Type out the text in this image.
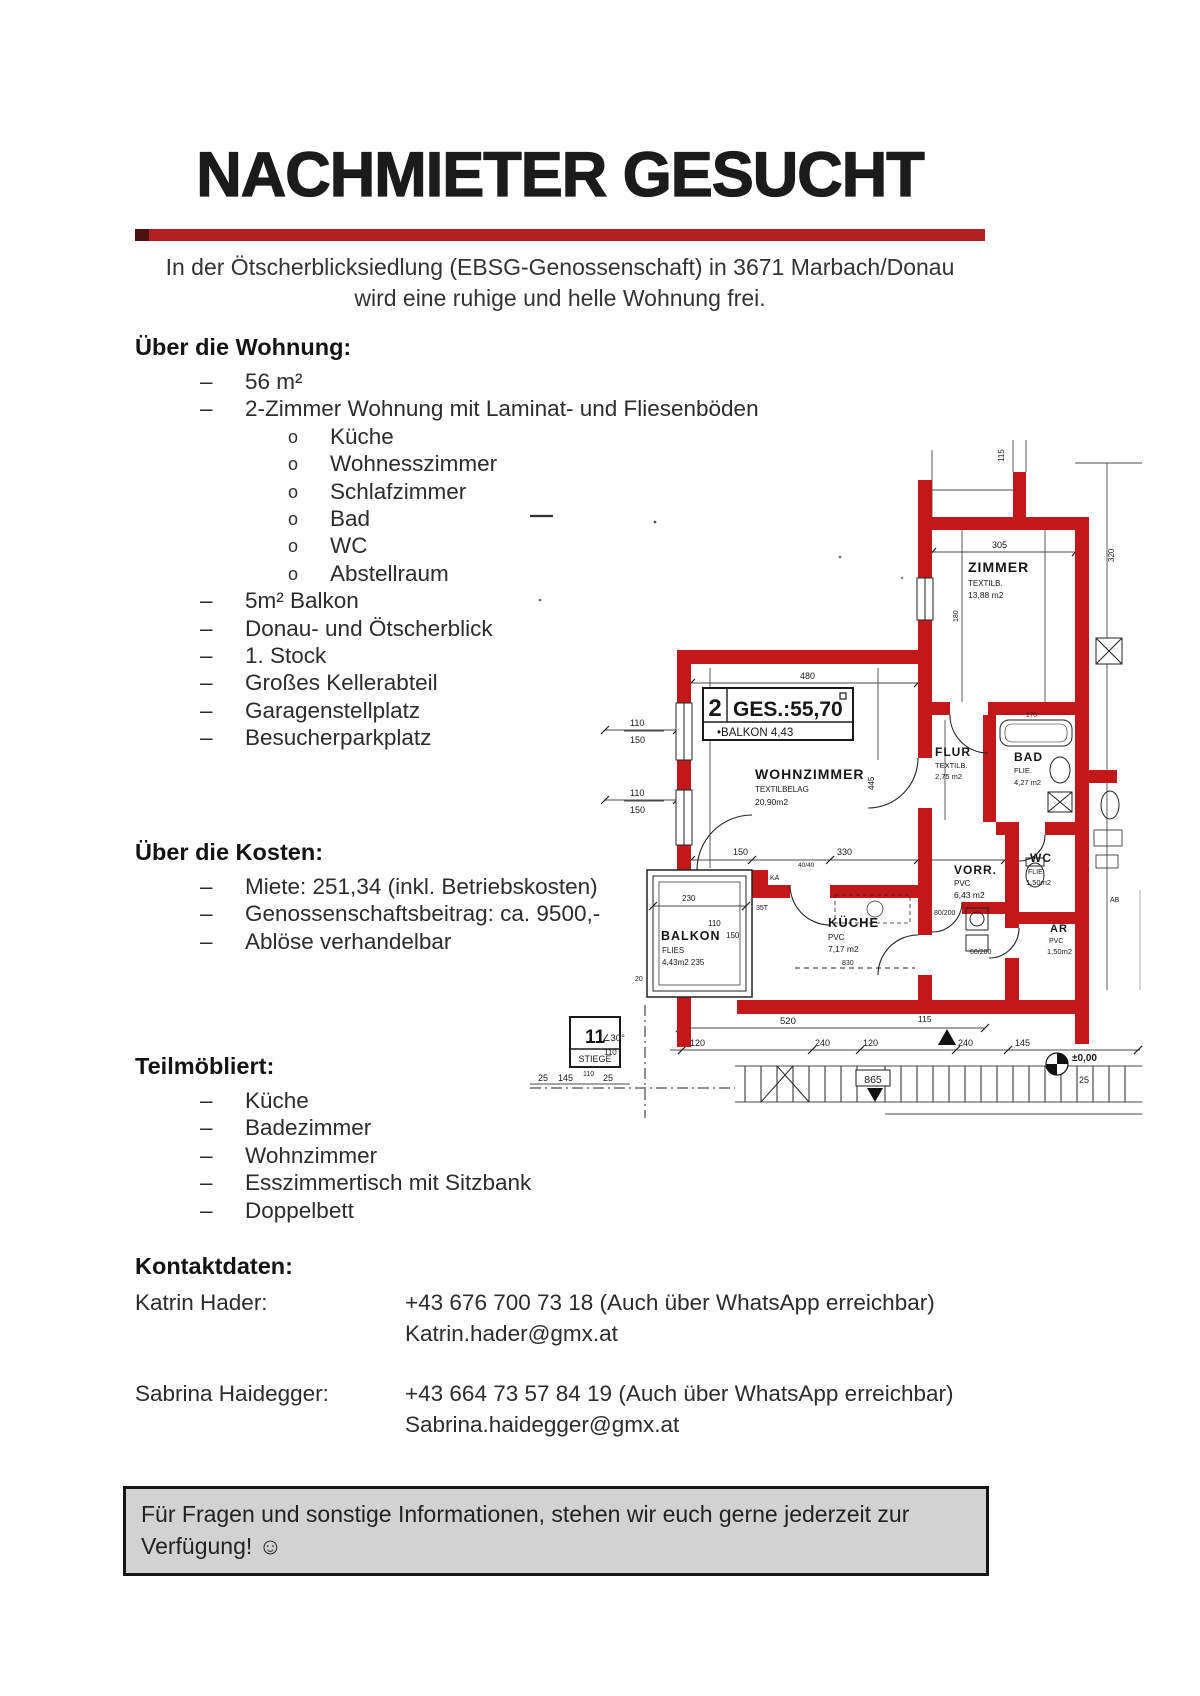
NACHMIETER GESUCHT
In der Ötscherblicksiedlung (EBSG-Genossenschaft) in 3671 Marbach/Donau
wird eine ruhige und helle Wohnung frei.
Über die Wohnung:
– 56 m²
– 2-Zimmer Wohnung mit Laminat- und Fliesenböden
o Küche
o Wohnesszimmer
o Schlafzimmer
o Bad
o WC
o Abstellraum
– 5m² Balkon
– Donau- und Ötscherblick
– 1. Stock
– Großes Kellerabteil
– Garagenstellplatz
– Besucherparkplatz
Über die Kosten:
– Miete: 251,34 (inkl. Betriebskosten)
– Genossenschaftsbeitrag: ca. 9500,-
– Ablöse verhandelbar
Teilmöbliert:
– Küche
– Badezimmer
– Wohnzimmer
– Esszimmertisch mit Sitzbank
– Doppelbett
Kontaktdaten:
Katrin Hader:	+43 676 700 73 18 (Auch über WhatsApp erreichbar)
Katrin.hader@gmx.at
Sabrina Haidegger:	+43 664 73 57 84 19 (Auch über WhatsApp erreichbar)
Sabrina.haidegger@gmx.at
Für Fragen und sonstige Informationen, stehen wir euch gerne jederzeit zur Verfügung! ☺
2 GES.:55,70
•BALKON 4,43
11
STIEGE
865
±0,00
25
ZIMMER
TEXTILB.
13,88 m2
WOHNZIMMER
TEXTILBELAG
20,90m2
FLUR
TEXTILB.
2,75 m2
BAD
FLIE.
4,27 m2
KÜCHE
PVC
7,17 m2
VORR.
PVC
6,43 m2
WC
FLIE.
1,50m2
AR
PVC
1,50m2
110
BALKON 150
FLIES
4,43m2 235
480
305
115
320
180
445
110
150
110
150
150	330
230
20
520	115
120	240	120	240	145
∠30°
110
25 145 110 25
170
KA
35T
40/40
830
80/200
60/200
AB
